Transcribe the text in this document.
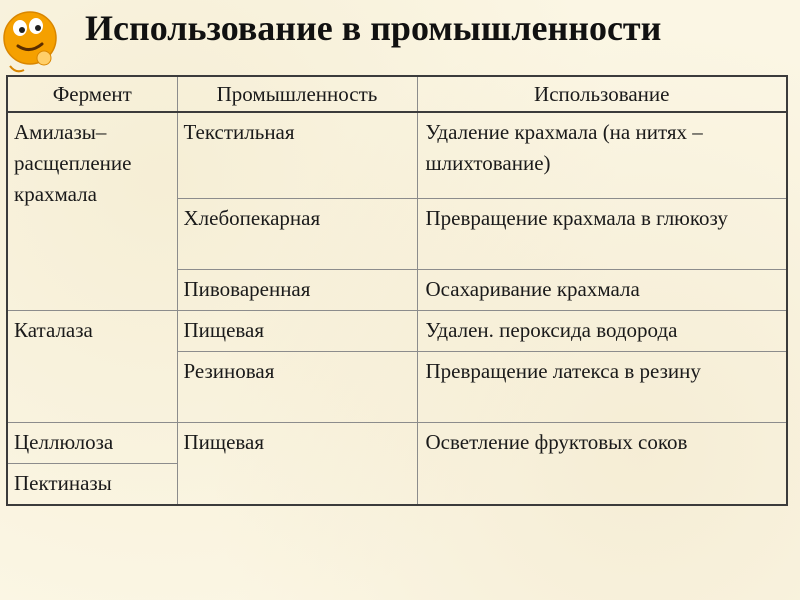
Использование в промышленности
Фермент	Промышленность	Использование
Амилазы– расщепление крахмала	Текстильная	Удаление крахмала (на нитях – шлихтование)
	Хлебопекарная	Превращение крахмала в глюкозу
	Пивоваренная	Осахаривание крахмала
Каталаза	Пищевая	Удален. пероксида водорода
	Резиновая	Превращение латекса в резину
Целлюлоза	Пищевая	Осветление фруктовых соков
Пектиназы		
